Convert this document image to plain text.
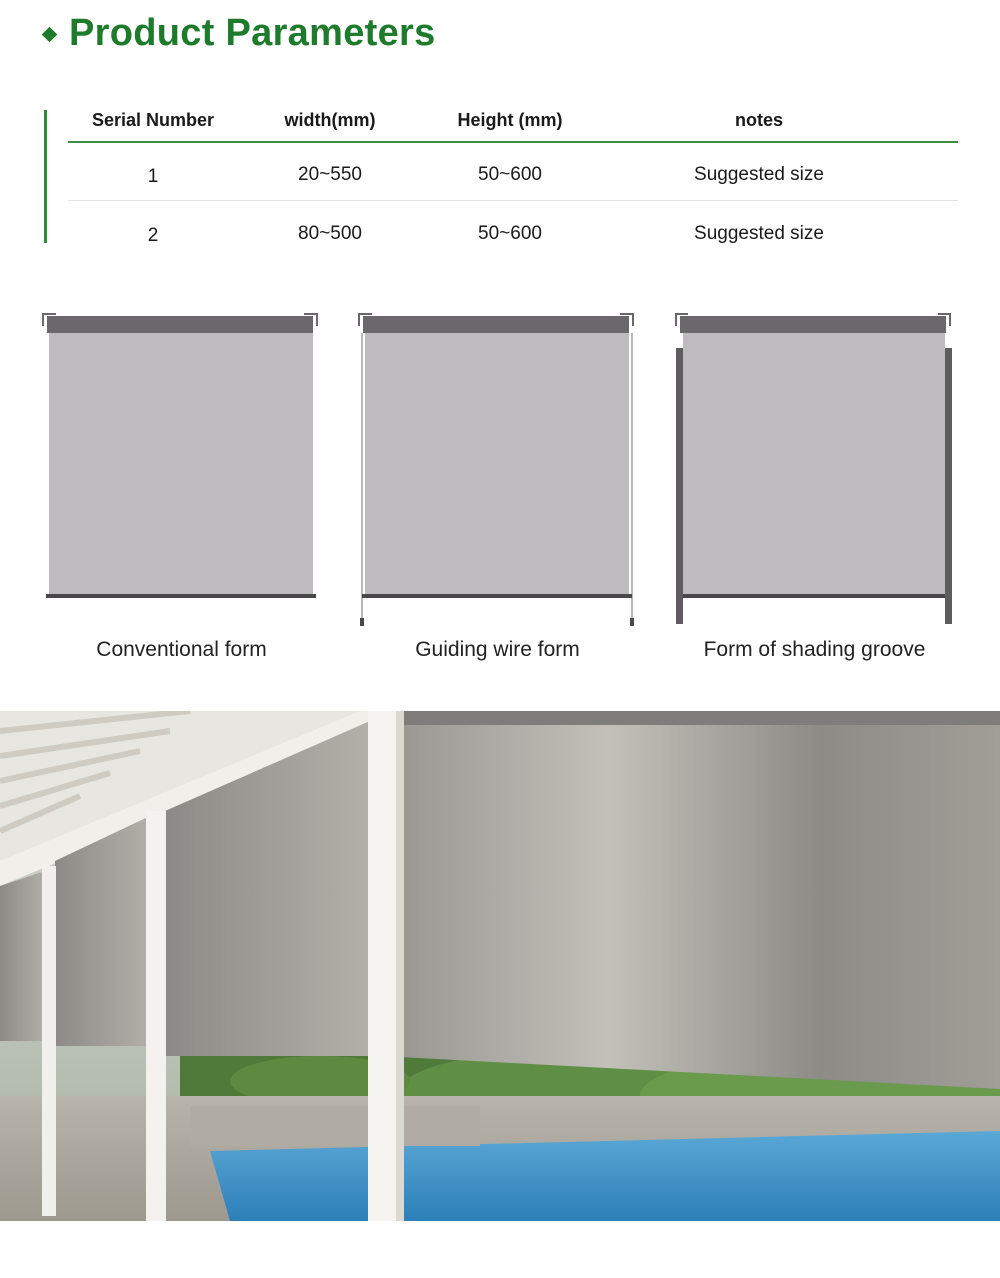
Product Parameters
Serial Number	width(mm)	Height (mm)	notes
1	20~550	50~600	Suggested size
2	80~500	50~600	Suggested size
Conventional form	Guiding wire form	Form of shading groove
